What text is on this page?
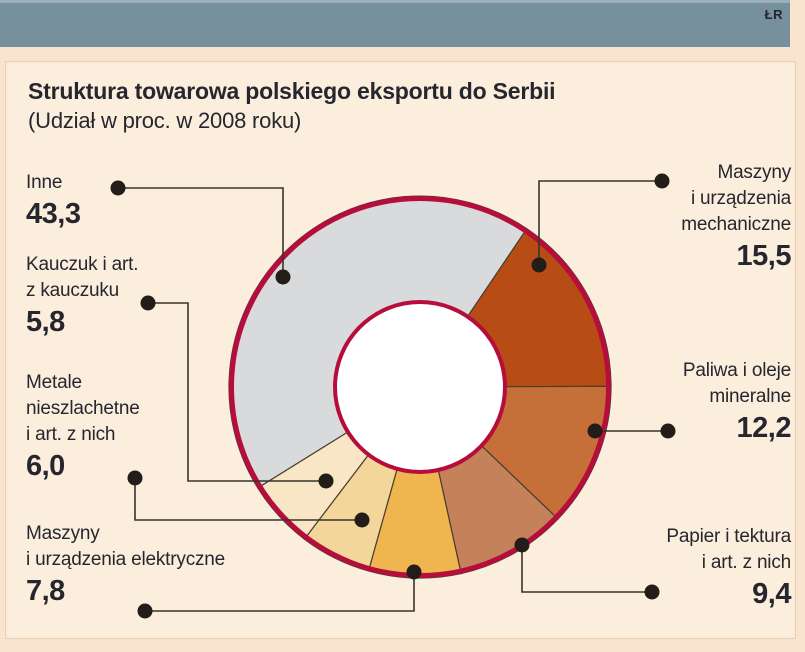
ŁR
Struktura towarowa polskiego eksportu do Serbii
(Udział w proc. w 2008 roku)
Inne
43,3
Kauczuk i art.
z kauczuku
5,8
Metale
nieszlachetne
i art. z nich
6,0
Maszyny
i urządzenia elektryczne
7,8
Maszyny
i urządzenia
mechaniczne
15,5
Paliwa i oleje
mineralne
12,2
Papier i tektura
i art. z nich
9,4
